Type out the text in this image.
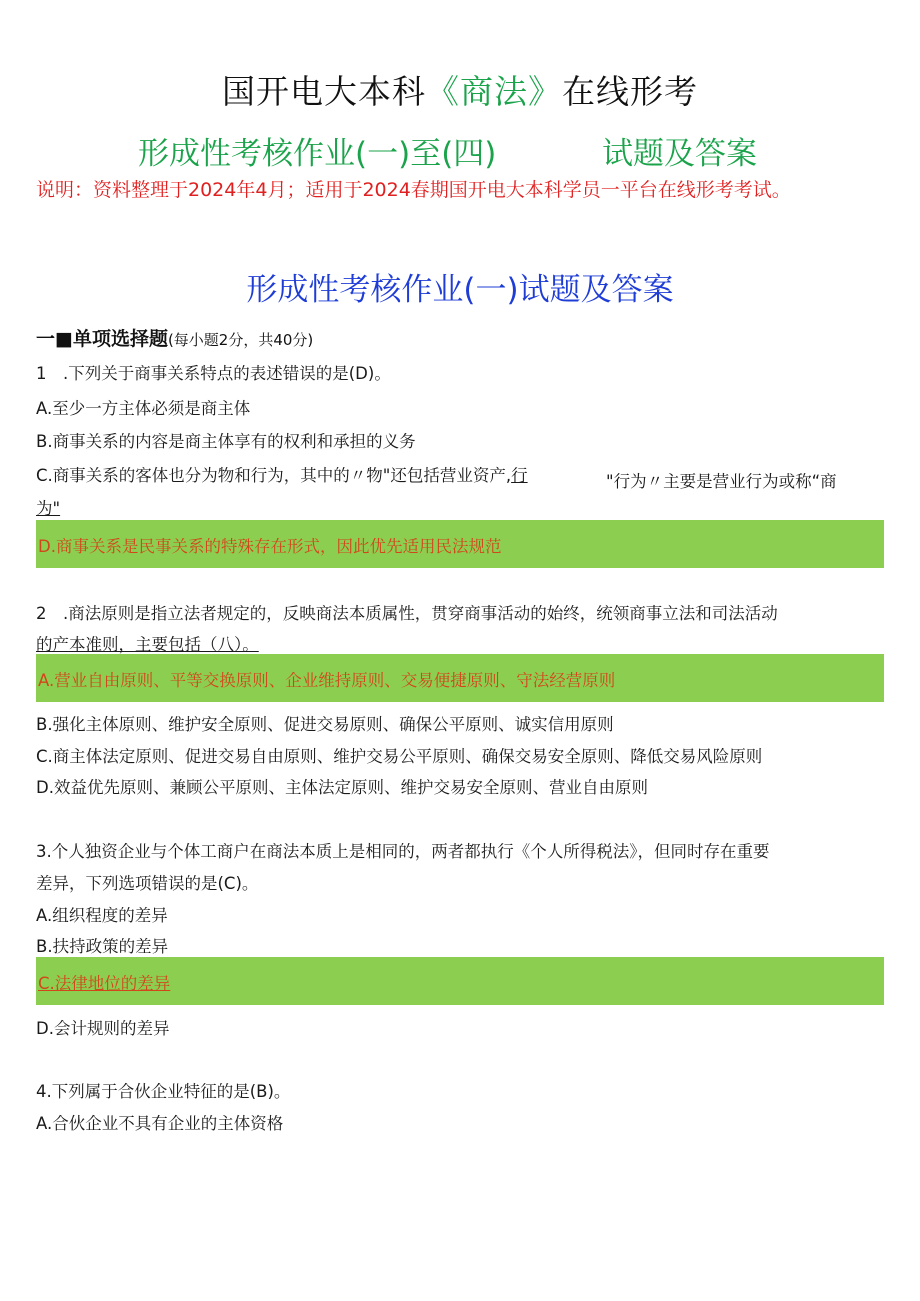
国开电大本科《商法》在线形考
形成性考核作业(一)至(四)	试题及答案
说明：资料整理于2024年4月；适用于2024春期国开电大本科学员一平台在线形考考试。
形成性考核作业(一)试题及答案
一■单项选择题(每小题2分，共40分)
1　.下列关于商事关系特点的表述错误的是(D)。
A.至少一方主体必须是商主体
B.商事关系的内容是商主体享有的权利和承担的义务
C.商事关系的客体也分为物和行为，其中的〃物"还包括营业资产,行	"行为〃主要是营业行为或称“商
为"
D.商事关系是民事关系的特殊存在形式，因此优先适用民法规范
2　.商法原则是指立法者规定的，反映商法本质属性，贯穿商事活动的始终，统领商事立法和司法活动
的产本准则，主要包括（八）。
A.营业自由原则、平等交换原则、企业维持原则、交易便捷原则、守法经营原则
B.强化主体原则、维护安全原则、促进交易原则、确保公平原则、诚实信用原则
C.商主体法定原则、促进交易自由原则、维护交易公平原则、确保交易安全原则、降低交易风险原则
D.效益优先原则、兼顾公平原则、主体法定原则、维护交易安全原则、营业自由原则
3.个人独资企业与个体工商户在商法本质上是相同的，两者都执行《个人所得税法》，但同时存在重要
差异，下列选项错误的是(C)。
A.组织程度的差异
B.扶持政策的差异
C.法律地位的差异
D.会计规则的差异
4.下列属于合伙企业特征的是(B)。
A.合伙企业不具有企业的主体资格
